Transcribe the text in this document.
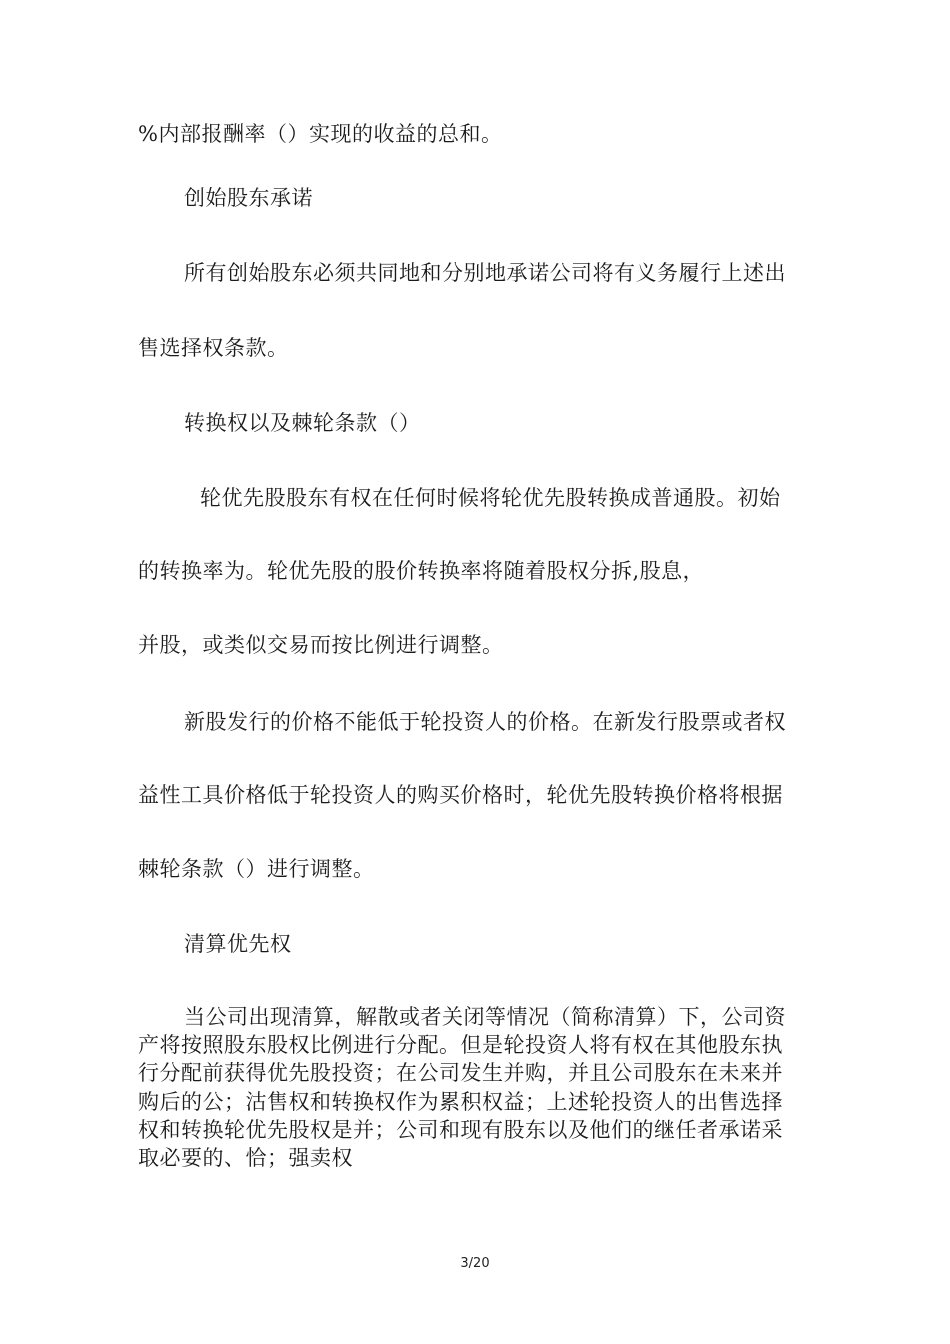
%内部报酬率（）实现的收益的总和。
创始股东承诺
所有创始股东必须共同地和分别地承诺公司将有义务履行上述出
售选择权条款。
转换权以及棘轮条款（）
轮优先股股东有权在任何时候将轮优先股转换成普通股。初始
的转换率为。轮优先股的股价转换率将随着股权分拆,股息，
并股，或类似交易而按比例进行调整。
新股发行的价格不能低于轮投资人的价格。在新发行股票或者权
益性工具价格低于轮投资人的购买价格时，轮优先股转换价格将根据
棘轮条款（）进行调整。
清算优先权
当公司出现清算，解散或者关闭等情况（简称清算）下，公司资
产将按照股东股权比例进行分配。但是轮投资人将有权在其他股东执
行分配前获得优先股投资；在公司发生并购，并且公司股东在未来并
购后的公；沽售权和转换权作为累积权益；上述轮投资人的出售选择
权和转换轮优先股权是并；公司和现有股东以及他们的继任者承诺采
取必要的、恰；强卖权
3/20
